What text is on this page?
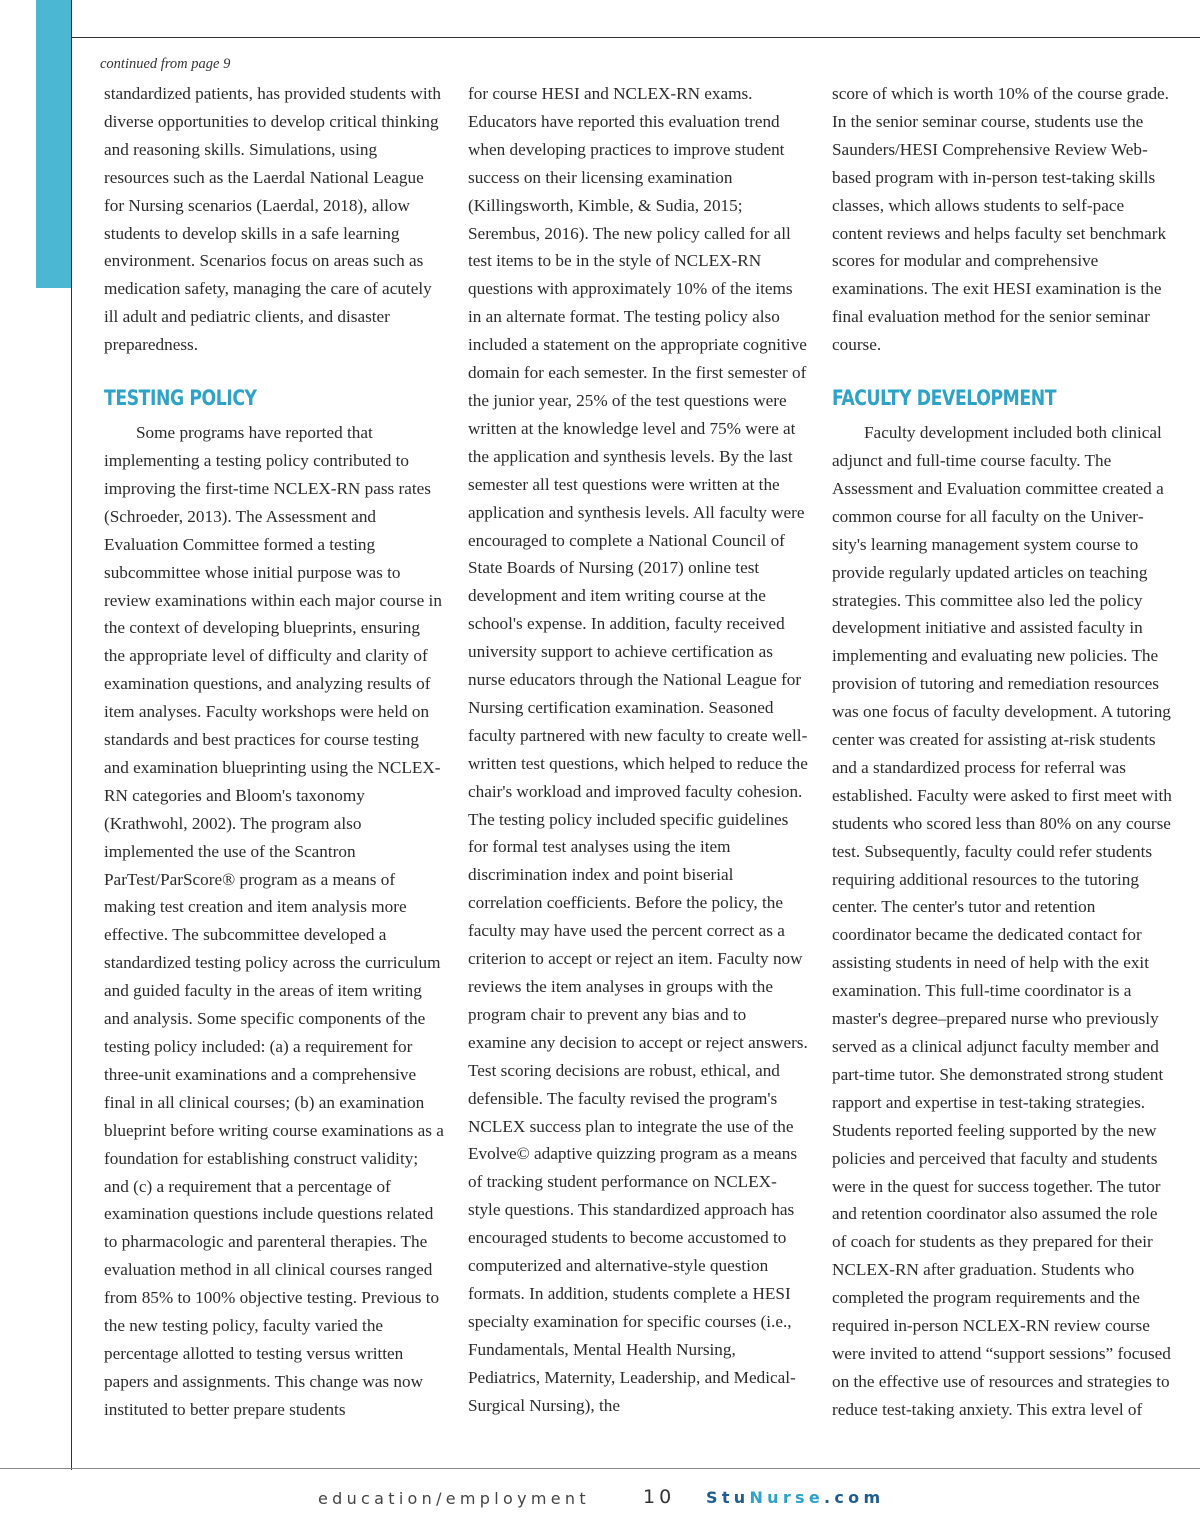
continued from page 9

standardized patients, has provided students with diverse opportunities to develop critical thinking and reasoning skills. Simulations, using resources such as the Laerdal National League for Nursing scenarios (Laerdal, 2018), allow students to develop skills in a safe learning environment. Scenarios focus on areas such as medication safety, managing the care of acutely ill adult and pediatric clients, and disaster preparedness.

TESTING POLICY

Some programs have reported that implementing a testing policy contributed to improving the first-time NCLEX-RN pass rates (Schroeder, 2013). The Assessment and Evaluation Committee formed a testing subcommittee whose initial purpose was to review examinations within each major course in the context of developing blueprints, ensuring the appropriate level of difficulty and clarity of examination questions, and analyzing results of item analyses. Faculty workshops were held on standards and best practices for course testing and examination blueprinting using the NCLEX-RN categories and Bloom's taxonomy (Krathwohl, 2002). The program also implemented the use of the Scantron ParTest/ParScore® program as a means of making test creation and item analysis more effective. The subcommittee developed a standardized testing policy across the curriculum and guided faculty in the areas of item writing and analysis. Some specific components of the testing policy included: (a) a requirement for three-unit examinations and a comprehensive final in all clinical courses; (b) an examination blueprint before writing course examinations as a foundation for establishing construct validity; and (c) a requirement that a percentage of examination questions include questions related to pharmacologic and parenteral therapies. The evaluation method in all clinical courses ranged from 85% to 100% objective testing. Previous to the new testing policy, faculty varied the percentage allotted to testing versus written papers and assignments. This change was now instituted to better prepare students

for course HESI and NCLEX-RN exams. Educators have reported this evaluation trend when developing practices to improve student success on their licensing examination (Killingsworth, Kimble, & Sudia, 2015; Serembus, 2016). The new policy called for all test items to be in the style of NCLEX-RN questions with approximately 10% of the items in an alternate format. The testing policy also included a statement on the appropriate cognitive domain for each semester. In the first semester of the junior year, 25% of the test questions were written at the knowledge level and 75% were at the application and synthesis levels. By the last semester all test questions were written at the application and synthesis levels. All faculty were encouraged to complete a National Council of State Boards of Nursing (2017) online test development and item writing course at the school's expense. In addition, faculty received university support to achieve certification as nurse educators through the National League for Nursing certification examination. Seasoned faculty partnered with new faculty to create well-written test questions, which helped to reduce the chair's workload and improved faculty cohesion. The testing policy included specific guidelines for formal test analyses using the item discrimination index and point biserial correlation coefficients. Before the policy, the faculty may have used the percent correct as a criterion to accept or reject an item. Faculty now reviews the item analyses in groups with the program chair to prevent any bias and to examine any decision to accept or reject answers. Test scoring decisions are robust, ethical, and defensible. The faculty revised the program's NCLEX success plan to integrate the use of the Evolve© adaptive quizzing program as a means of tracking student performance on NCLEX-style questions. This standardized approach has encouraged students to become accustomed to computerized and alternative-style question formats. In addition, students complete a HESI specialty examination for specific courses (i.e., Fundamentals, Mental Health Nursing, Pediatrics, Maternity, Leadership, and Medical-Surgical Nursing), the

score of which is worth 10% of the course grade. In the senior seminar course, students use the Saunders/HESI Comprehensive Review Web-based program with in-person test-taking skills classes, which allows students to self-pace content reviews and helps faculty set benchmark scores for modular and comprehensive examinations. The exit HESI examination is the final evaluation method for the senior seminar course.

FACULTY DEVELOPMENT

Faculty development included both clinical adjunct and full-time course faculty. The Assessment and Evaluation committee created a common course for all faculty on the University's learning management system course to provide regularly updated articles on teaching strategies. This committee also led the policy development initiative and assisted faculty in implementing and evaluating new policies. The provision of tutoring and remediation resources was one focus of faculty development. A tutoring center was created for assisting at-risk students and a standardized process for referral was established. Faculty were asked to first meet with students who scored less than 80% on any course test. Subsequently, faculty could refer students requiring additional resources to the tutoring center. The center's tutor and retention coordinator became the dedicated contact for assisting students in need of help with the exit examination. This full-time coordinator is a master's degree–prepared nurse who previously served as a clinical adjunct faculty member and part-time tutor. She demonstrated strong student rapport and expertise in test-taking strategies. Students reported feeling supported by the new policies and perceived that faculty and students were in the quest for success together. The tutor and retention coordinator also assumed the role of coach for students as they prepared for their NCLEX-RN after graduation. Students who completed the program requirements and the required in-person NCLEX-RN review course were invited to attend “support sessions” focused on the effective use of resources and strategies to reduce test-taking anxiety. This extra level of

education/employment	10 StuNurse.com
